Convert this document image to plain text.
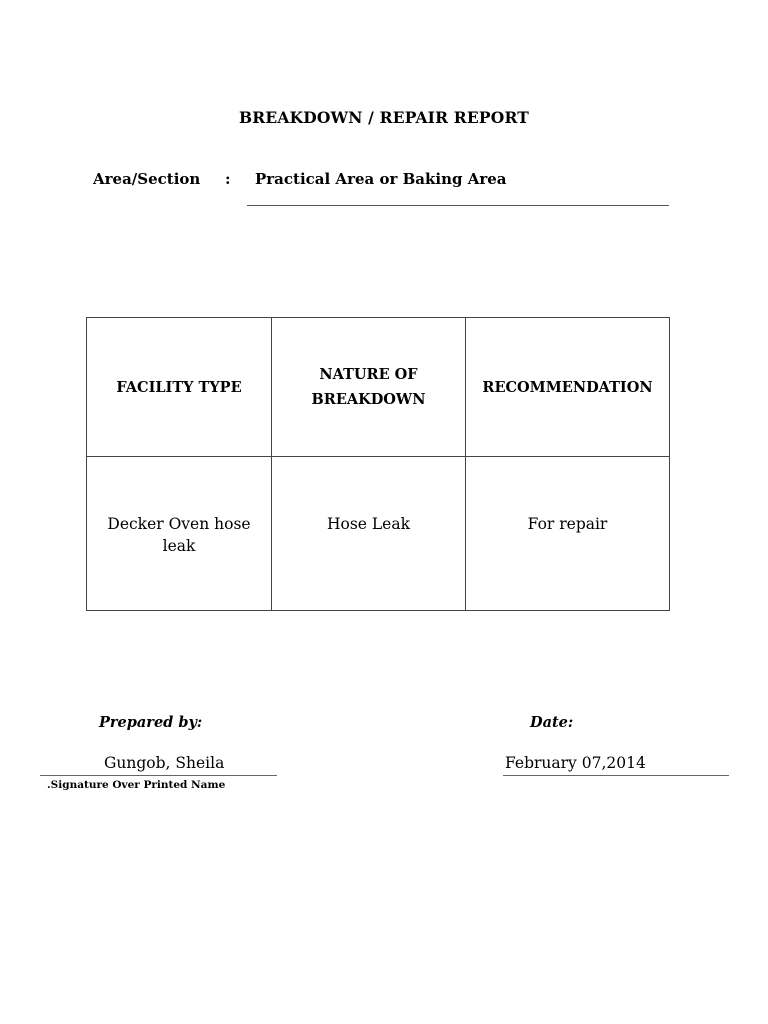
BREAKDOWN / REPAIR REPORT
Area/Section : Practical Area or Baking Area
FACILITY TYPE	NATURE OF BREAKDOWN	RECOMMENDATION
Decker Oven hose leak	Hose Leak	For repair
Prepared by:	Date:
Gungob, Sheila
.Signature Over Printed Name
February 07,2014
